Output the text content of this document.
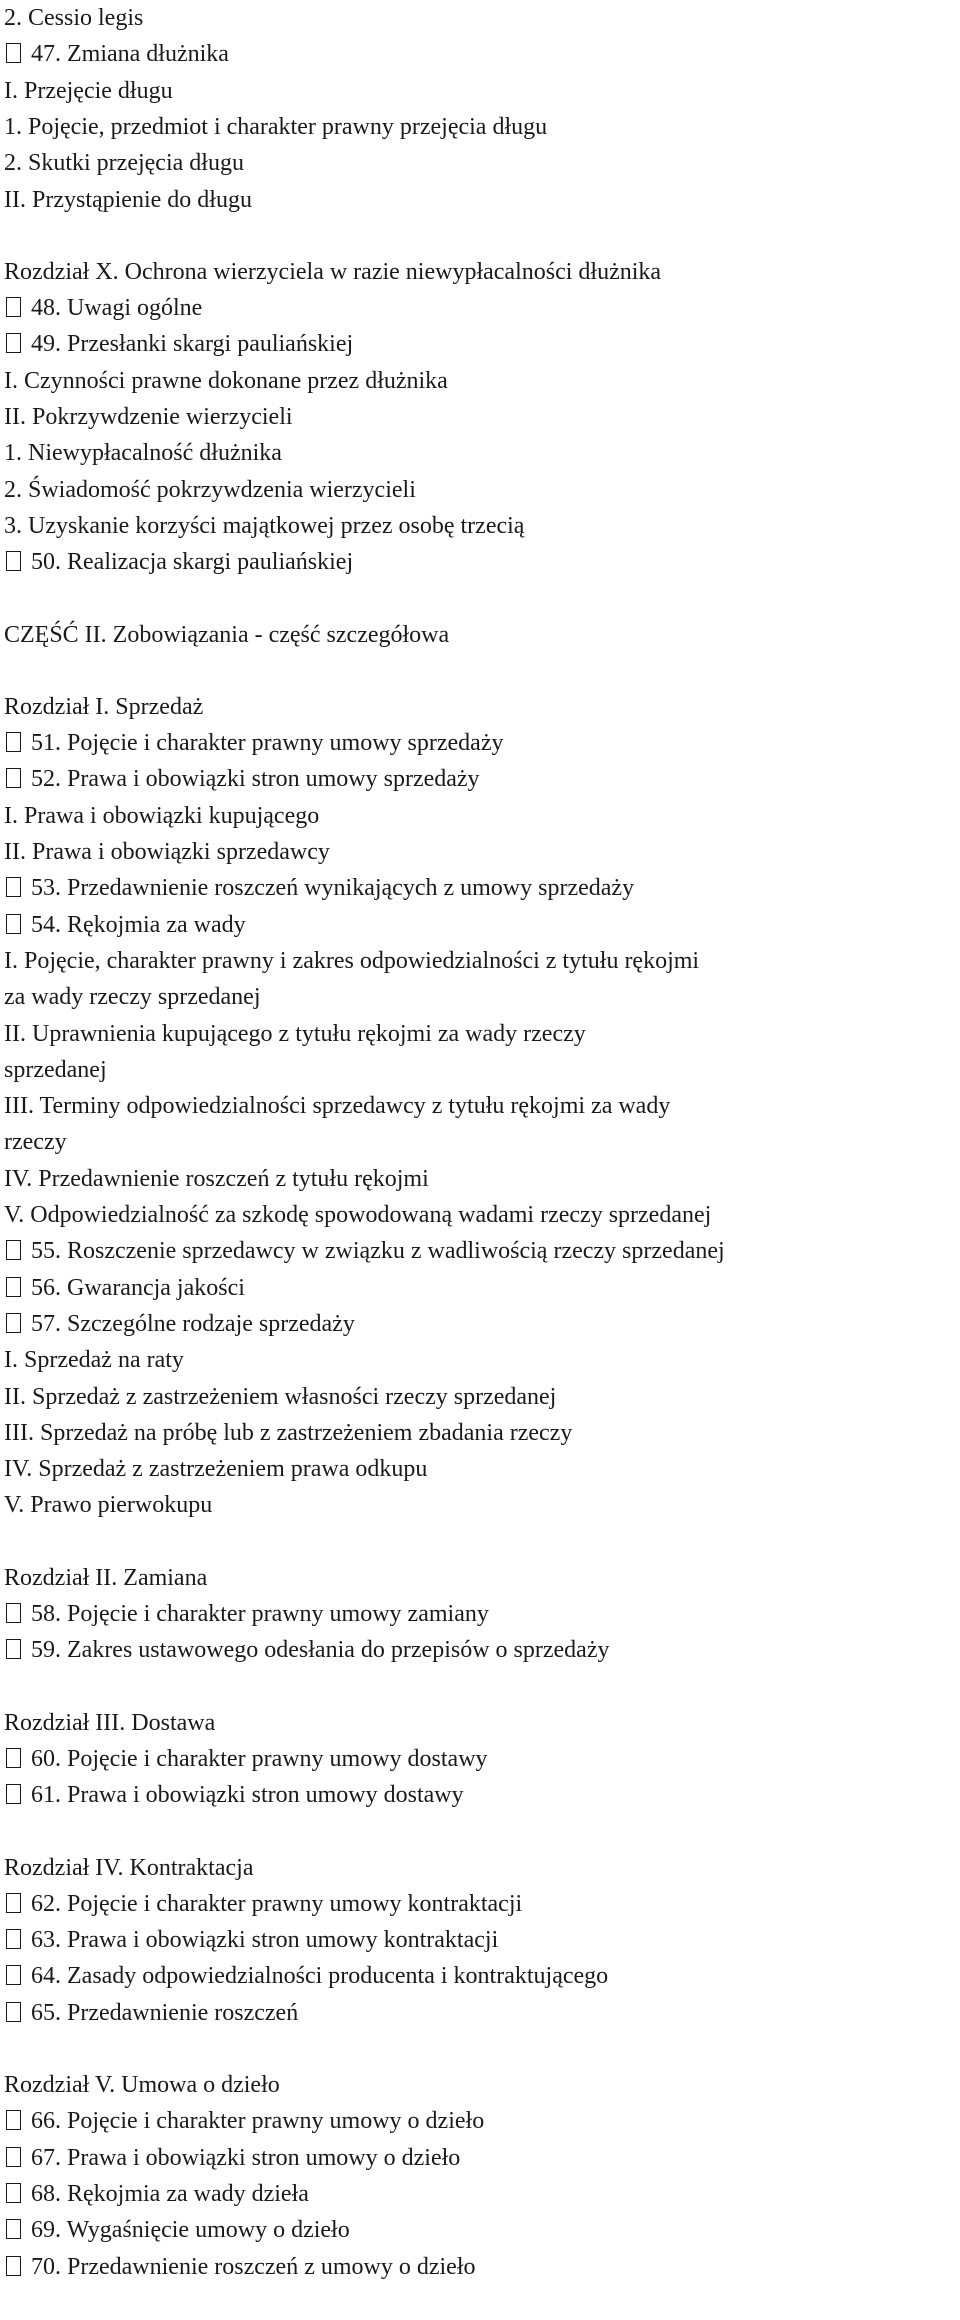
2. Cessio legis
47. Zmiana dłużnika
I. Przejęcie długu
1. Pojęcie, przedmiot i charakter prawny przejęcia długu
2. Skutki przejęcia długu
II. Przystąpienie do długu
Rozdział X. Ochrona wierzyciela w razie niewypłacalności dłużnika
48. Uwagi ogólne
49. Przesłanki skargi pauliańskiej
I. Czynności prawne dokonane przez dłużnika
II. Pokrzywdzenie wierzycieli
1. Niewypłacalność dłużnika
2. Świadomość pokrzywdzenia wierzycieli
3. Uzyskanie korzyści majątkowej przez osobę trzecią
50. Realizacja skargi pauliańskiej
CZĘŚĆ II. Zobowiązania - część szczegółowa
Rozdział I. Sprzedaż
51. Pojęcie i charakter prawny umowy sprzedaży
52. Prawa i obowiązki stron umowy sprzedaży
I. Prawa i obowiązki kupującego
II. Prawa i obowiązki sprzedawcy
53. Przedawnienie roszczeń wynikających z umowy sprzedaży
54. Rękojmia za wady
I. Pojęcie, charakter prawny i zakres odpowiedzialności z tytułu rękojmi
za wady rzeczy sprzedanej
II. Uprawnienia kupującego z tytułu rękojmi za wady rzeczy
sprzedanej
III. Terminy odpowiedzialności sprzedawcy z tytułu rękojmi za wady
rzeczy
IV. Przedawnienie roszczeń z tytułu rękojmi
V. Odpowiedzialność za szkodę spowodowaną wadami rzeczy sprzedanej
55. Roszczenie sprzedawcy w związku z wadliwością rzeczy sprzedanej
56. Gwarancja jakości
57. Szczególne rodzaje sprzedaży
I. Sprzedaż na raty
II. Sprzedaż z zastrzeżeniem własności rzeczy sprzedanej
III. Sprzedaż na próbę lub z zastrzeżeniem zbadania rzeczy
IV. Sprzedaż z zastrzeżeniem prawa odkupu
V. Prawo pierwokupu
Rozdział II. Zamiana
58. Pojęcie i charakter prawny umowy zamiany
59. Zakres ustawowego odesłania do przepisów o sprzedaży
Rozdział III. Dostawa
60. Pojęcie i charakter prawny umowy dostawy
61. Prawa i obowiązki stron umowy dostawy
Rozdział IV. Kontraktacja
62. Pojęcie i charakter prawny umowy kontraktacji
63. Prawa i obowiązki stron umowy kontraktacji
64. Zasady odpowiedzialności producenta i kontraktującego
65. Przedawnienie roszczeń
Rozdział V. Umowa o dzieło
66. Pojęcie i charakter prawny umowy o dzieło
67. Prawa i obowiązki stron umowy o dzieło
68. Rękojmia za wady dzieła
69. Wygaśnięcie umowy o dzieło
70. Przedawnienie roszczeń z umowy o dzieło
